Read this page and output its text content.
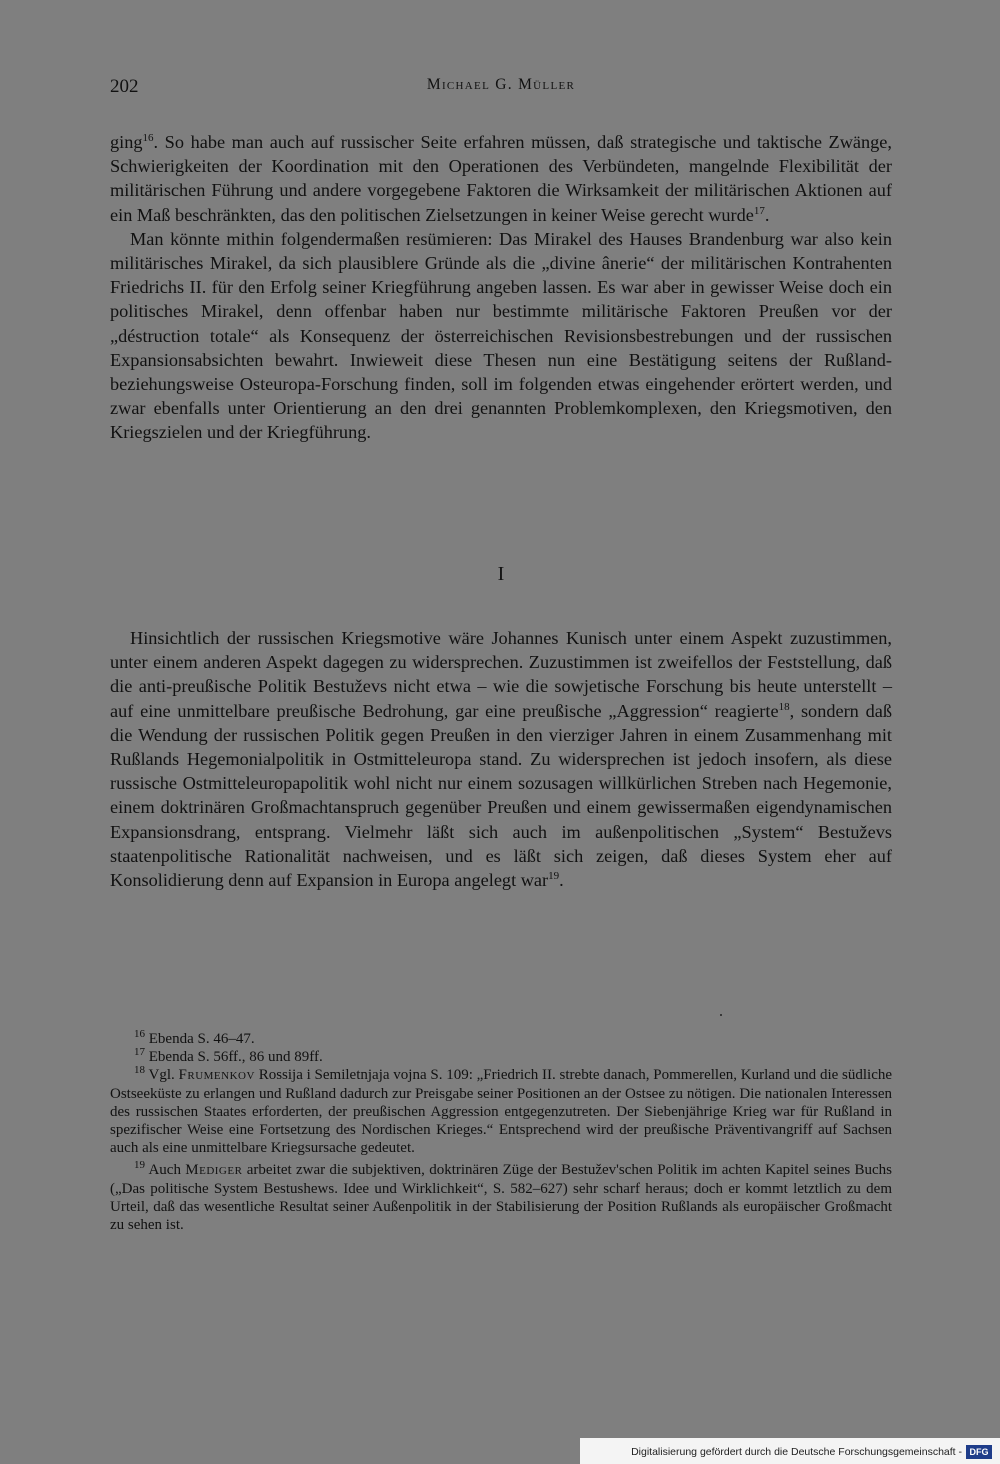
202	Michael G. Müller

ging$^{16}$. So habe man auch auf russischer Seite erfahren müssen, daß strategische und taktische Zwänge, Schwierigkeiten der Koordination mit den Operationen des Verbündeten, mangelnde Flexibilität der militärischen Führung und andere vorgegebene Faktoren die Wirksamkeit der militärischen Aktionen auf ein Maß beschränkten, das den politischen Zielsetzungen in keiner Weise gerecht wurde$^{17}$.

Man könnte mithin folgendermaßen resümieren: Das Mirakel des Hauses Brandenburg war also kein militärisches Mirakel, da sich plausiblere Gründe als die „divine ânerie“ der militärischen Kontrahenten Friedrichs II. für den Erfolg seiner Kriegführung angeben lassen. Es war aber in gewisser Weise doch ein politisches Mirakel, denn offenbar haben nur bestimmte militärische Faktoren Preußen vor der „déstruction totale“ als Konsequenz der österreichischen Revisionsbestrebungen und der russischen Expansionsabsichten bewahrt. Inwieweit diese Thesen nun eine Bestätigung seitens der Rußland- beziehungsweise Osteuropa-Forschung finden, soll im folgenden etwas eingehender erörtert werden, und zwar ebenfalls unter Orientierung an den drei genannten Problemkomplexen, den Kriegsmotiven, den Kriegszielen und der Kriegführung.

I

Hinsichtlich der russischen Kriegsmotive wäre Johannes Kunisch unter einem Aspekt zuzustimmen, unter einem anderen Aspekt dagegen zu widersprechen. Zuzustimmen ist zweifellos der Feststellung, daß die anti-preußische Politik Bestuževs nicht etwa – wie die sowjetische Forschung bis heute unterstellt – auf eine unmittelbare preußische Bedrohung, gar eine preußische „Aggression“ reagierte$^{18}$, sondern daß die Wendung der russischen Politik gegen Preußen in den vierziger Jahren in einem Zusammenhang mit Rußlands Hegemonialpolitik in Ostmitteleuropa stand. Zu widersprechen ist jedoch insofern, als diese russische Ostmitteleuropapolitik wohl nicht nur einem sozusagen willkürlichen Streben nach Hegemonie, einem doktrinären Großmachtanspruch gegenüber Preußen und einem gewissermaßen eigendynamischen Expansionsdrang, entsprang. Vielmehr läßt sich auch im außenpolitischen „System“ Bestuževs staatenpolitische Rationalität nachweisen, und es läßt sich zeigen, daß dieses System eher auf Konsolidierung denn auf Expansion in Europa angelegt war$^{19}$.

$^{16}$ Ebenda S. 46–47.

$^{17}$ Ebenda S. 56ff., 86 und 89ff.

$^{18}$ Vgl. Frumenkov Rossija i Semiletnjaja vojna S. 109: „Friedrich II. strebte danach, Pommerellen, Kurland und die südliche Ostseeküste zu erlangen und Rußland dadurch zur Preisgabe seiner Positionen an der Ostsee zu nötigen. Die nationalen Interessen des russischen Staates erforderten, der preußischen Aggression entgegenzutreten. Der Siebenjährige Krieg war für Rußland in spezifischer Weise eine Fortsetzung des Nordischen Krieges.“ Entsprechend wird der preußische Präventivangriff auf Sachsen auch als eine unmittelbare Kriegsursache gedeutet.

$^{19}$ Auch Mediger arbeitet zwar die subjektiven, doktrinären Züge der Bestužev'schen Politik im achten Kapitel seines Buchs („Das politische System Bestushews. Idee und Wirklichkeit“, S. 582–627) sehr scharf heraus; doch er kommt letztlich zu dem Urteil, daß das wesentliche Resultat seiner Außenpolitik in der Stabilisierung der Position Rußlands als europäischer Großmacht zu sehen ist.

Digitalisierung gefördert durch die Deutsche Forschungsgemeinschaft - DFG
